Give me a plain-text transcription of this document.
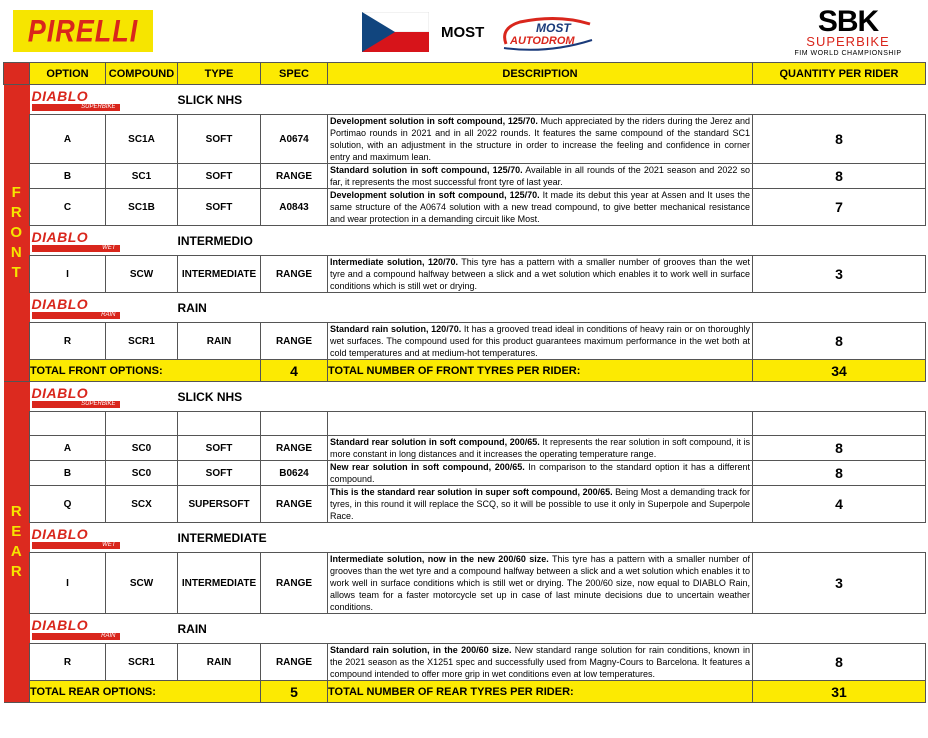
PIRELLI	MOST	MOST
AUTODROM
SBK
SUPERBIKE
FIM WORLD CHAMPIONSHIP
	OPTION	COMPOUND	TYPE	SPEC	DESCRIPTION	QUANTITY PER RIDER

F
R
O
N
T	DIABLO
SUPERBIKE		SLICK NHS			
	A	SC1A	SOFT	A0674	Development solution in soft compound, 125/70. Much appreciated by the riders during the Jerez and Portimao rounds in 2021 and in all 2022 rounds. It features the same compound of the standard SC1 solution, with an adjustment in the structure in order to increase the feeling and confidence in corner entry and maximum lean.	8
	B	SC1	SOFT	RANGE	Standard solution in soft compound, 125/70. Available in all rounds of the 2021 season and 2022 so far, it represents the most successful front tyre of last year.	8
	C	SC1B	SOFT	A0843	Development solution in soft compound, 125/70. It made its debut this year at Assen and It uses the same structure of the A0674 solution with a new tread compound, to give better mechanical resistance and wear protection in a demanding circuit like Most.	7

	DIABLO
WET		INTERMEDIO			
	I	SCW	INTERMEDIATE	RANGE	Intermediate solution, 120/70. This tyre has a pattern with a smaller number of grooves than the wet tyre and a compound halfway between a slick and a wet solution which enables it to work well in surface conditions which is still wet or drying.	3

	DIABLO
RAIN		RAIN			
	R	SCR1	RAIN	RANGE	Standard rain solution, 120/70. It has a grooved tread ideal in conditions of heavy rain or on thoroughly wet surfaces. The compound used for this product guarantees maximum performance in the wet both at cold temperatures and at medium-hot temperatures.	8
	TOTAL FRONT OPTIONS:			4	TOTAL NUMBER OF FRONT TYRES PER RIDER:	34

R
E
A
R	DIABLO
SUPERBIKE		SLICK NHS			

	A	SC0	SOFT	RANGE	Standard rear solution in soft compound, 200/65. It represents the rear solution in soft compound, it is more constant in long distances and it increases the operating temperature range.	8
	B	SC0	SOFT	B0624	New rear solution in soft compound, 200/65. In comparison to the standard option it has a different compound.	8
	Q	SCX	SUPERSOFT	RANGE	This is the standard rear solution in super soft compound, 200/65. Being Most a demanding track for tyres, in this round it will replace the SCQ, so it will be possible to use it only in Superpole and Superpole Race.	4

	DIABLO
WET		INTERMEDIATE			
	I	SCW	INTERMEDIATE	RANGE	Intermediate solution, now in the new 200/60 size. This tyre has a pattern with a smaller number of grooves than the wet tyre and a compound halfway between a slick and a wet solution which enables it to work well in surface conditions which is still wet or drying. The 200/60 size, now equal to DIABLO Rain, allows team for a faster motorcycle set up in case of last minute decisions due to uncertain weather conditions.	3

	DIABLO
RAIN		RAIN			
	R	SCR1	RAIN	RANGE	Standard rain solution, in the 200/60 size. New standard range solution for rain conditions, known in the 2021 season as the X1251 spec and successfully used from Magny-Cours to Barcelona. It features a compound intended to offer more grip in wet conditions even at low temperatures.	8
	TOTAL REAR OPTIONS:			5	TOTAL NUMBER OF REAR TYRES PER RIDER:	31
